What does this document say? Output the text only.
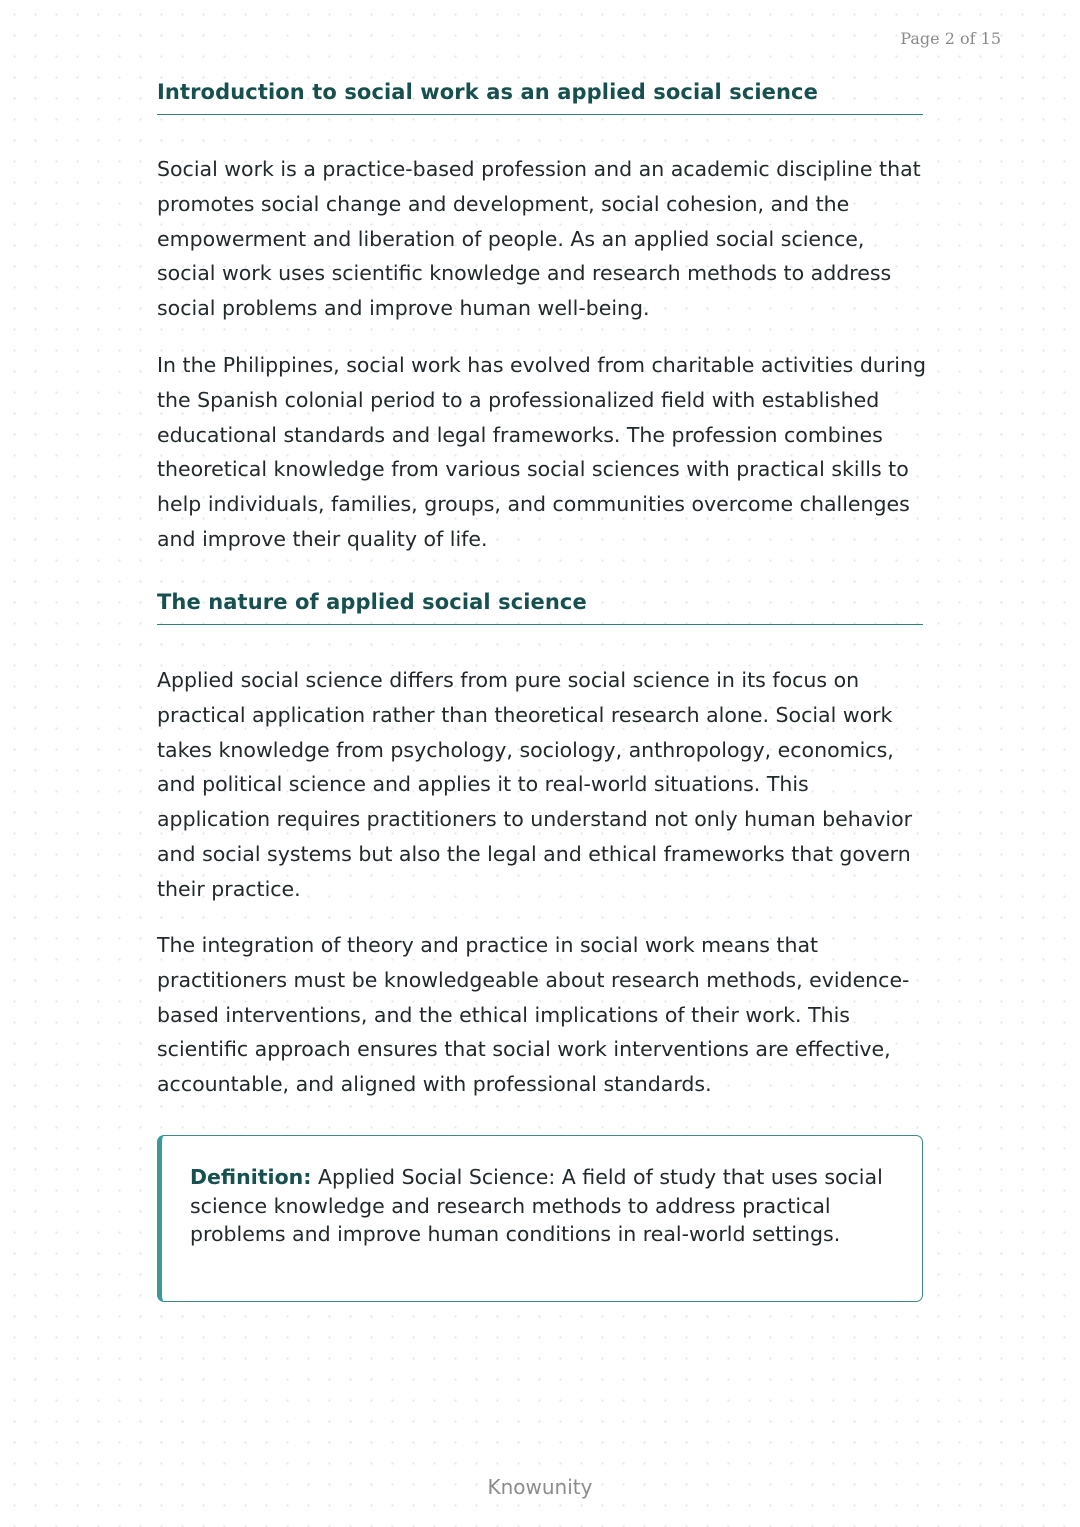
Page 2 of 15
Introduction to social work as an applied social science

Social work is a practice-based profession and an academic discipline that promotes social change and development, social cohesion, and the empowerment and liberation of people. As an applied social science, social work uses scientific knowledge and research methods to address social problems and improve human well-being.

In the Philippines, social work has evolved from charitable activities during the Spanish colonial period to a professionalized field with established educational standards and legal frameworks. The profession combines theoretical knowledge from various social sciences with practical skills to help individuals, families, groups, and communities overcome challenges and improve their quality of life.

The nature of applied social science

Applied social science differs from pure social science in its focus on practical application rather than theoretical research alone. Social work takes knowledge from psychology, sociology, anthropology, economics, and political science and applies it to real-world situations. This application requires practitioners to understand not only human behavior and social systems but also the legal and ethical frameworks that govern their practice.

The integration of theory and practice in social work means that practitioners must be knowledgeable about research methods, evidence-based interventions, and the ethical implications of their work. This scientific approach ensures that social work interventions are effective, accountable, and aligned with professional standards.

Definition: Applied Social Science: A field of study that uses social science knowledge and research methods to address practical problems and improve human conditions in real-world settings.

Knowunity
